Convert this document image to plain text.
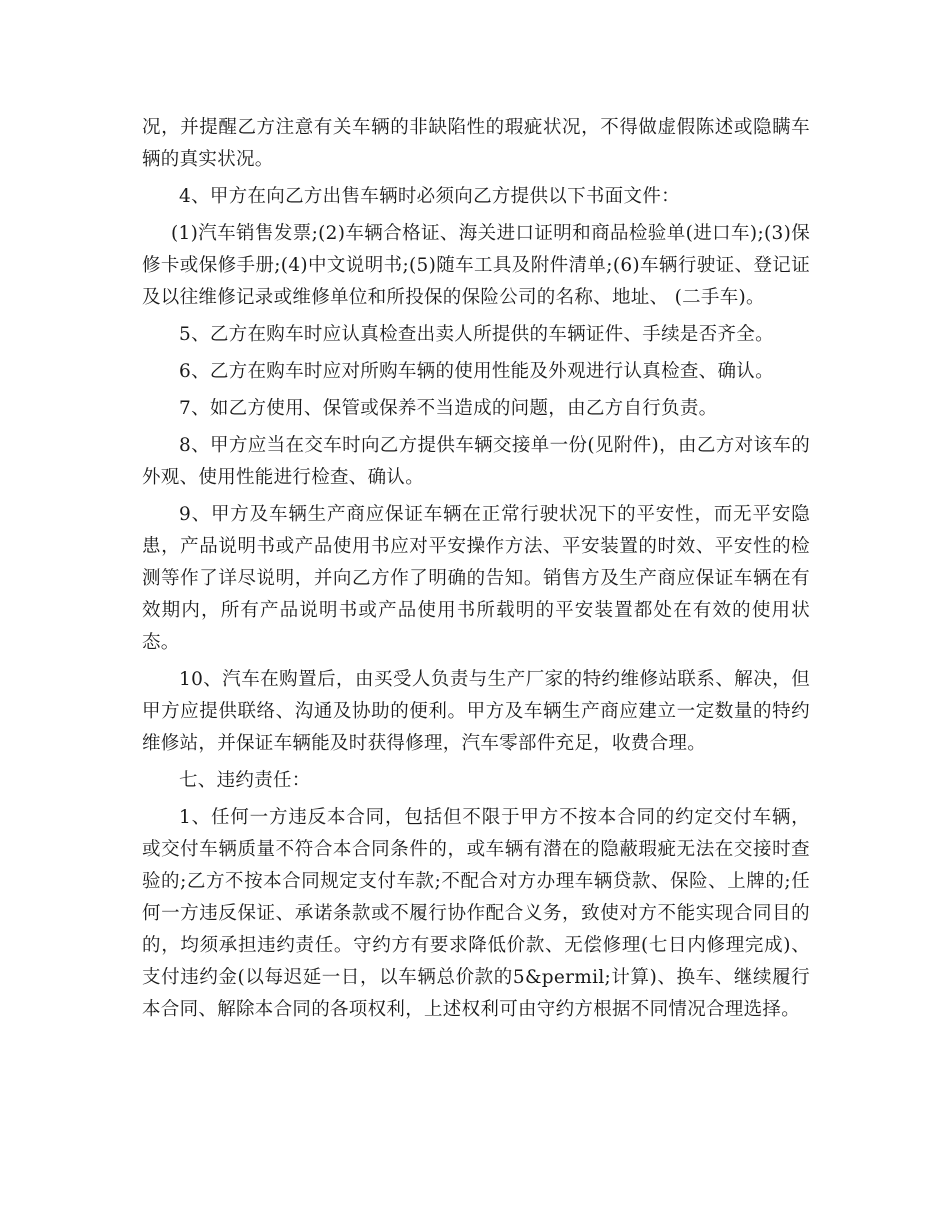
况，并提醒乙方注意有关车辆的非缺陷性的瑕疵状况，不得做虚假陈述或隐瞒车辆的真实状况。

4、甲方在向乙方出售车辆时必须向乙方提供以下书面文件：

(1)汽车销售发票;(2)车辆合格证、海关进口证明和商品检验单(进口车);(3)保修卡或保修手册;(4)中文说明书;(5)随车工具及附件清单;(6)车辆行驶证、登记证及以往维修记录或维修单位和所投保的保险公司的名称、地址、 (二手车)。

5、乙方在购车时应认真检查出卖人所提供的车辆证件、手续是否齐全。

6、乙方在购车时应对所购车辆的使用性能及外观进行认真检查、确认。

7、如乙方使用、保管或保养不当造成的问题，由乙方自行负责。

8、甲方应当在交车时向乙方提供车辆交接单一份(见附件)，由乙方对该车的外观、使用性能进行检查、确认。

9、甲方及车辆生产商应保证车辆在正常行驶状况下的平安性，而无平安隐患，产品说明书或产品使用书应对平安操作方法、平安装置的时效、平安性的检测等作了详尽说明，并向乙方作了明确的告知。销售方及生产商应保证车辆在有效期内，所有产品说明书或产品使用书所载明的平安装置都处在有效的使用状态。

10、汽车在购置后，由买受人负责与生产厂家的特约维修站联系、解决，但甲方应提供联络、沟通及协助的便利。甲方及车辆生产商应建立一定数量的特约维修站，并保证车辆能及时获得修理，汽车零部件充足，收费合理。

七、违约责任：

1、任何一方违反本合同，包括但不限于甲方不按本合同的约定交付车辆，或交付车辆质量不符合本合同条件的，或车辆有潜在的隐蔽瑕疵无法在交接时查验的;乙方不按本合同规定支付车款;不配合对方办理车辆贷款、保险、上牌的;任何一方违反保证、承诺条款或不履行协作配合义务，致使对方不能实现合同目的的，均须承担违约责任。守约方有要求降低价款、无偿修理(七日内修理完成)、支付违约金(以每迟延一日，以车辆总价款的5&permil;计算)、换车、继续履行本合同、解除本合同的各项权利，上述权利可由守约方根据不同情况合理选择。
